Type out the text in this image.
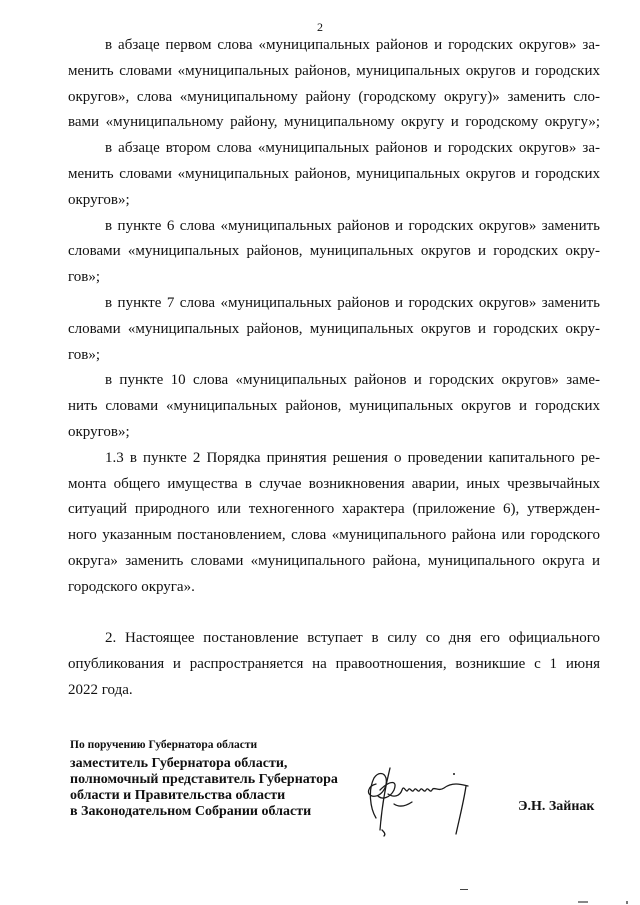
2
в абзаце первом слова «муниципальных районов и городских округов» за-
менить словами «муниципальных районов, муниципальных округов и городских
округов», слова «муниципальному району (городскому округу)» заменить сло-
вами «муниципальному району, муниципальному округу и городскому округу»;
в абзаце втором слова «муниципальных районов и городских округов» за-
менить словами «муниципальных районов, муниципальных округов и городских
округов»;
в пункте 6 слова «муниципальных районов и городских округов» заменить
словами «муниципальных районов, муниципальных округов и городских окру-
гов»;
в пункте 7 слова «муниципальных районов и городских округов» заменить
словами «муниципальных районов, муниципальных округов и городских окру-
гов»;
в пункте 10 слова «муниципальных районов и городских округов» заме-
нить словами «муниципальных районов, муниципальных округов и городских
округов»;
1.3 в пункте 2 Порядка принятия решения о проведении капитального ре-
монта общего имущества в случае возникновения аварии, иных чрезвычайных
ситуаций природного или техногенного характера (приложение 6), утвержден-
ного указанным постановлением, слова «муниципального района или городского
округа» заменить словами «муниципального района, муниципального округа и
городского округа».
2. Настоящее постановление вступает в силу со дня его официального
опубликования и распространяется на правоотношения, возникшие с 1 июня
2022 года.
По поручению Губернатора области
заместитель Губернатора области,
полномочный представитель Губернатора
области и Правительства области
в Законодательном Собрании области	Э.Н. Зайнак
